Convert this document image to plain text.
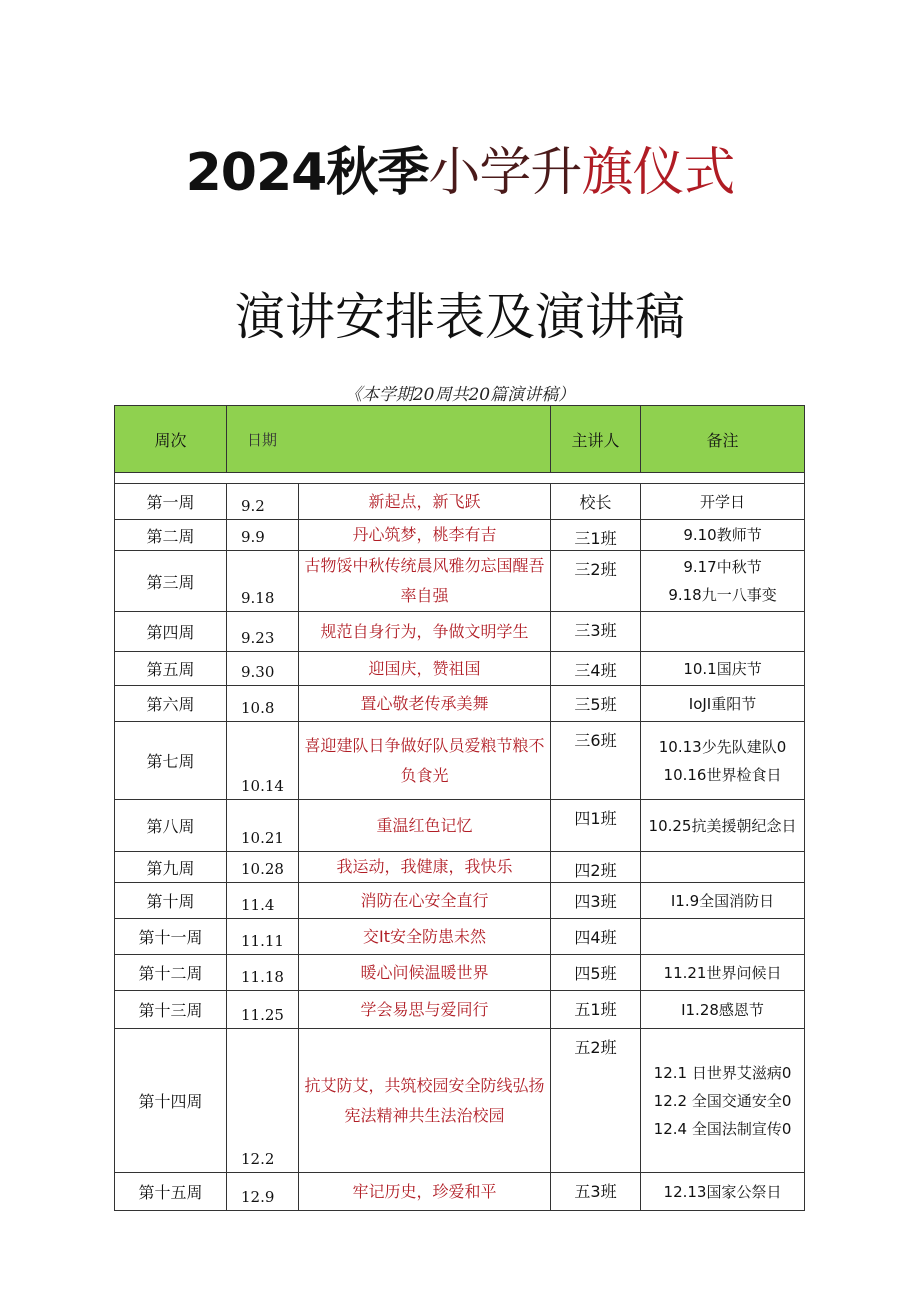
2024秋季小学升旗仪式
演讲安排表及演讲稿
《本学期20周共20篇演讲稿）
周次	日期		主讲人	备注

第一周	9.2	新起点，新飞跃	校长	开学日

第二周	9.9	丹心筑梦，桃李有吉	三1班	9.10教师节

第三周	9.18	古物馁中秋传统晨风雅勿忘国醒吾率自强	三2班	9.17中秋节
9.18九一八事变

第四周	9.23	规范自身行为，争做文明学生	三3班	
第五周	9.30	迎国庆，赞祖国	三4班	10.1国庆节

第六周	10.8	置心敬老传承美舞	三5班	IoJI重阳节

第七周	10.14	喜迎建队日争做好队员爱粮节粮不负食光	三6班	10.13少先队建队0
10.16世界检食日

第八周	10.21	重温红色记忆	四1班	10.25抗美援朝纪念日

第九周	10.28	我运动，我健康，我快乐	四2班	
第十周	11.4	消防在心安全直行	四3班	I1.9全国消防日

第十一周	11.11	交It安全防患未然	四4班	
第十二周	11.18	暖心问候温暖世界	四5班	11.21世界问候日

第十三周	11.25	学会易思与爱同行	五1班	I1.28感恩节

第十四周	12.2	抗艾防艾，共筑校园安全防线弘扬宪法精神共生法治校园	五2班	12.1 日世界艾滋病0
12.2 全国交通安全0
12.4 全国法制宣传0

第十五周	12.9	牢记历史，珍爱和平	五3班	12.13国家公祭日
